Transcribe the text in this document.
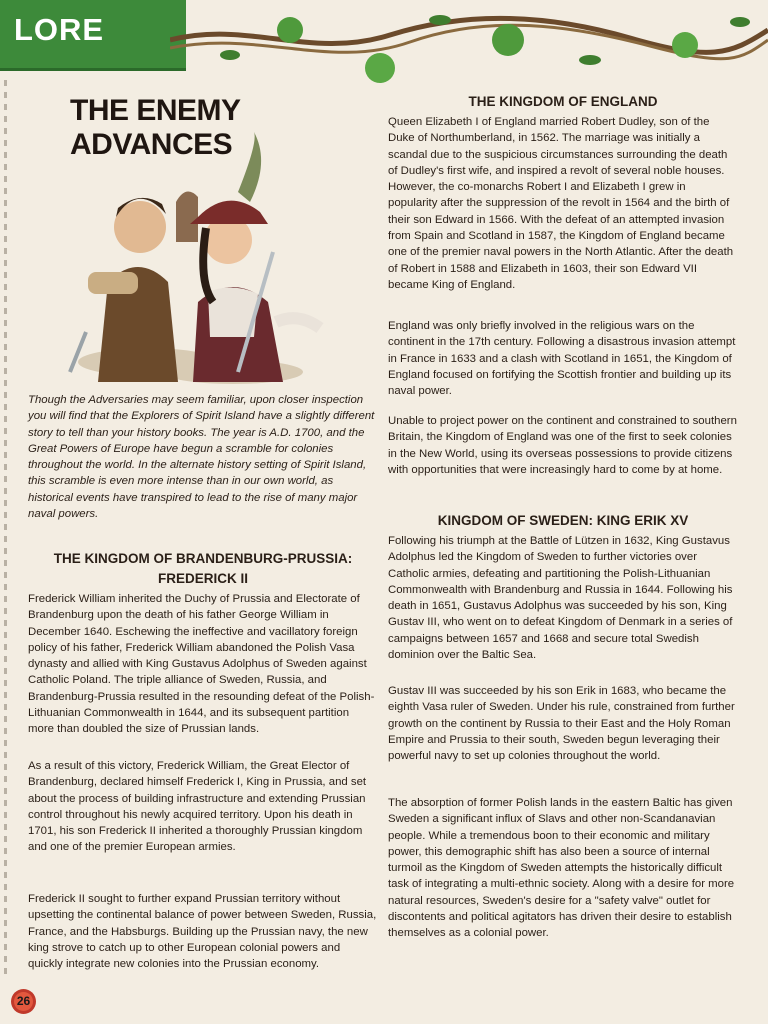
LORE
THE ENEMY ADVANCES

Though the Adversaries may seem familiar, upon closer inspection you will find that the Explorers of Spirit Island have a slightly different story to tell than your history books. The year is A.D. 1700, and the Great Powers of Europe have begun a scramble for colonies throughout the world. In the alternate history setting of Spirit Island, this scramble is even more intense than in our own world, as historical events have transpired to lead to the rise of many major naval powers.

THE KINGDOM OF BRANDENBURG-PRUSSIA: FREDERICK II

Frederick William inherited the Duchy of Prussia and Electorate of Brandenburg upon the death of his father George William in December 1640. Eschewing the ineffective and vacillatory foreign policy of his father, Frederick William abandoned the Polish Vasa dynasty and allied with King Gustavus Adolphus of Sweden against Catholic Poland. The triple alliance of Sweden, Russia, and Brandenburg-Prussia resulted in the resounding defeat of the Polish-Lithuanian Commonwealth in 1644, and its subsequent partition more than doubled the size of Prussian lands.

As a result of this victory, Frederick William, the Great Elector of Brandenburg, declared himself Frederick I, King in Prussia, and set about the process of building infrastructure and extending Prussian control throughout his newly acquired territory. Upon his death in 1701, his son Frederick II inherited a thoroughly Prussian kingdom and one of the premier European armies.

Frederick II sought to further expand Prussian territory without upsetting the continental balance of power between Sweden, Russia, France, and the Habsburgs. Building up the Prussian navy, the new king strove to catch up to other European colonial powers and quickly integrate new colonies into the Prussian economy.

THE KINGDOM OF ENGLAND

Queen Elizabeth I of England married Robert Dudley, son of the Duke of Northumberland, in 1562. The marriage was initially a scandal due to the suspicious circumstances surrounding the death of Dudley's first wife, and inspired a revolt of several noble houses. However, the co-monarchs Robert I and Elizabeth I grew in popularity after the suppression of the revolt in 1564 and the birth of their son Edward in 1566. With the defeat of an attempted invasion from Spain and Scotland in 1587, the Kingdom of England became one of the premier naval powers in the North Atlantic. After the death of Robert in 1588 and Elizabeth in 1603, their son Edward VII became King of England.

England was only briefly involved in the religious wars on the continent in the 17th century. Following a disastrous invasion attempt in France in 1633 and a clash with Scotland in 1651, the Kingdom of England focused on fortifying the Scottish frontier and building up its naval power.

Unable to project power on the continent and constrained to southern Britain, the Kingdom of England was one of the first to seek colonies in the New World, using its overseas possessions to provide citizens with opportunities that were increasingly hard to come by at home.

KINGDOM OF SWEDEN: KING ERIK XV

Following his triumph at the Battle of Lützen in 1632, King Gustavus Adolphus led the Kingdom of Sweden to further victories over Catholic armies, defeating and partitioning the Polish-Lithuanian Commonwealth with Brandenburg and Russia in 1644. Following his death in 1651, Gustavus Adolphus was succeeded by his son, King Gustav III, who went on to defeat Kingdom of Denmark in a series of campaigns between 1657 and 1668 and secure total Swedish dominion over the Baltic Sea.

Gustav III was succeeded by his son Erik in 1683, who became the eighth Vasa ruler of Sweden. Under his rule, constrained from further growth on the continent by Russia to their East and the Holy Roman Empire and Prussia to their south, Sweden begun leveraging their powerful navy to set up colonies throughout the world.

The absorption of former Polish lands in the eastern Baltic has given Sweden a significant influx of Slavs and other non-Scandanavian people. While a tremendous boon to their economic and military power, this demographic shift has also been a source of internal turmoil as the Kingdom of Sweden attempts the historically difficult task of integrating a multi-ethnic society. Along with a desire for more natural resources, Sweden's desire for a "safety valve" outlet for discontents and political agitators has driven their desire to establish themselves as a colonial power.

26
